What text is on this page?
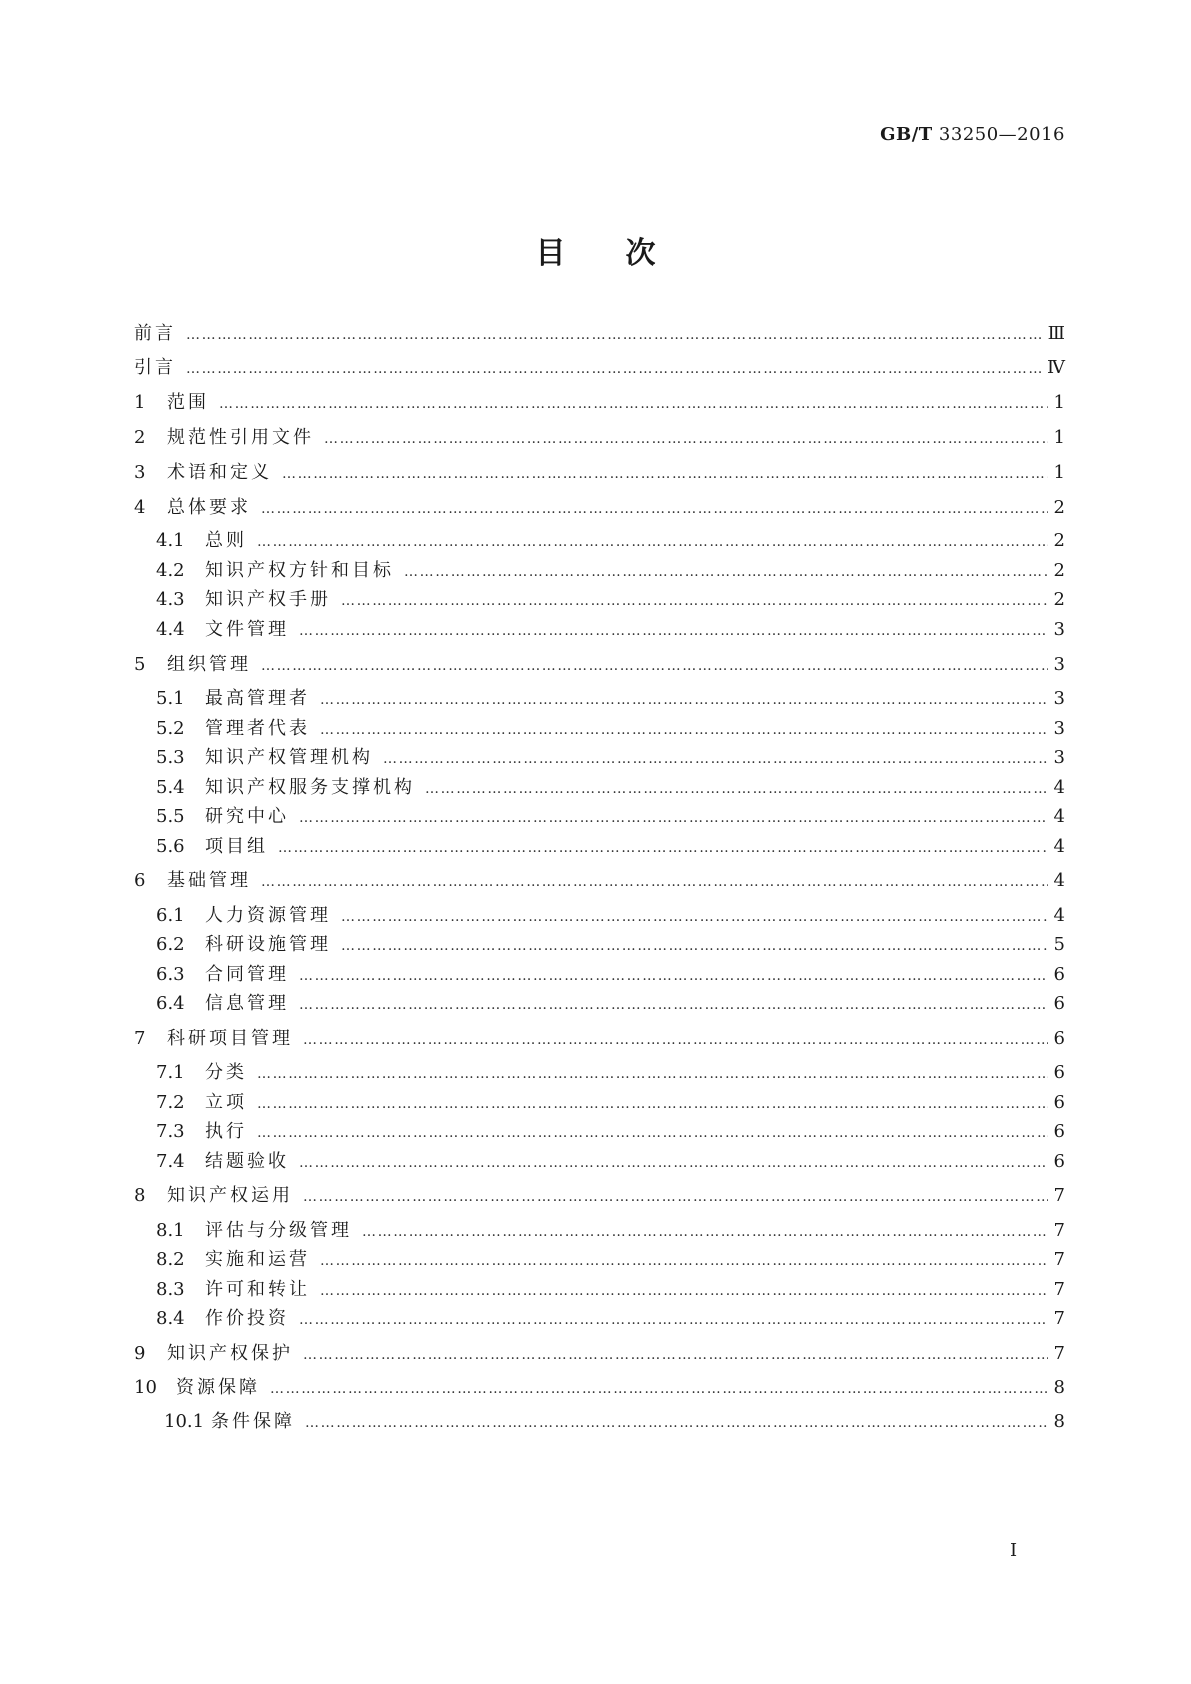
GB/T 33250—2016
目次
前言 ……………………………………………………………………………………………………………………………………………………………………………………………………………………………………………………	Ⅲ
引言 ……………………………………………………………………………………………………………………………………………………………………………………………………………………………………………………	Ⅳ
1	范围 ……………………………………………………………………………………………………………………………………………………………………………………………………………………………………………………	1
2	规范性引用文件 ……………………………………………………………………………………………………………………………………………………………………………………………………………………………………………………	1
3	术语和定义 ……………………………………………………………………………………………………………………………………………………………………………………………………………………………………………………	1
4	总体要求 ……………………………………………………………………………………………………………………………………………………………………………………………………………………………………………………	2
4.1	总则 ……………………………………………………………………………………………………………………………………………………………………………………………………………………………………………………	2
4.2	知识产权方针和目标 ……………………………………………………………………………………………………………………………………………………………………………………………………………………………………………………	2
4.3	知识产权手册 ……………………………………………………………………………………………………………………………………………………………………………………………………………………………………………………	2
4.4	文件管理 ……………………………………………………………………………………………………………………………………………………………………………………………………………………………………………………	3
5	组织管理 ……………………………………………………………………………………………………………………………………………………………………………………………………………………………………………………	3
5.1	最高管理者 ……………………………………………………………………………………………………………………………………………………………………………………………………………………………………………………	3
5.2	管理者代表 ……………………………………………………………………………………………………………………………………………………………………………………………………………………………………………………	3
5.3	知识产权管理机构 ……………………………………………………………………………………………………………………………………………………………………………………………………………………………………………………	3
5.4	知识产权服务支撑机构 ……………………………………………………………………………………………………………………………………………………………………………………………………………………………………………………	4
5.5	研究中心 ……………………………………………………………………………………………………………………………………………………………………………………………………………………………………………………	4
5.6	项目组 ……………………………………………………………………………………………………………………………………………………………………………………………………………………………………………………	4
6	基础管理 ……………………………………………………………………………………………………………………………………………………………………………………………………………………………………………………	4
6.1	人力资源管理 ……………………………………………………………………………………………………………………………………………………………………………………………………………………………………………………	4
6.2	科研设施管理 ……………………………………………………………………………………………………………………………………………………………………………………………………………………………………………………	5
6.3	合同管理 ……………………………………………………………………………………………………………………………………………………………………………………………………………………………………………………	6
6.4	信息管理 ……………………………………………………………………………………………………………………………………………………………………………………………………………………………………………………	6
7	科研项目管理 ……………………………………………………………………………………………………………………………………………………………………………………………………………………………………………………	6
7.1	分类 ……………………………………………………………………………………………………………………………………………………………………………………………………………………………………………………	6
7.2	立项 ……………………………………………………………………………………………………………………………………………………………………………………………………………………………………………………	6
7.3	执行 ……………………………………………………………………………………………………………………………………………………………………………………………………………………………………………………	6
7.4	结题验收 ……………………………………………………………………………………………………………………………………………………………………………………………………………………………………………………	6
8	知识产权运用 ……………………………………………………………………………………………………………………………………………………………………………………………………………………………………………………	7
8.1	评估与分级管理 ……………………………………………………………………………………………………………………………………………………………………………………………………………………………………………………	7
8.2	实施和运营 ……………………………………………………………………………………………………………………………………………………………………………………………………………………………………………………	7
8.3	许可和转让 ……………………………………………………………………………………………………………………………………………………………………………………………………………………………………………………	7
8.4	作价投资 ……………………………………………………………………………………………………………………………………………………………………………………………………………………………………………………	7
9	知识产权保护 ……………………………………………………………………………………………………………………………………………………………………………………………………………………………………………………	7
10	资源保障 ……………………………………………………………………………………………………………………………………………………………………………………………………………………………………………………	8
10.1 条件保障 ……………………………………………………………………………………………………………………………………………………………………………………………………………………………………………………	8
I
